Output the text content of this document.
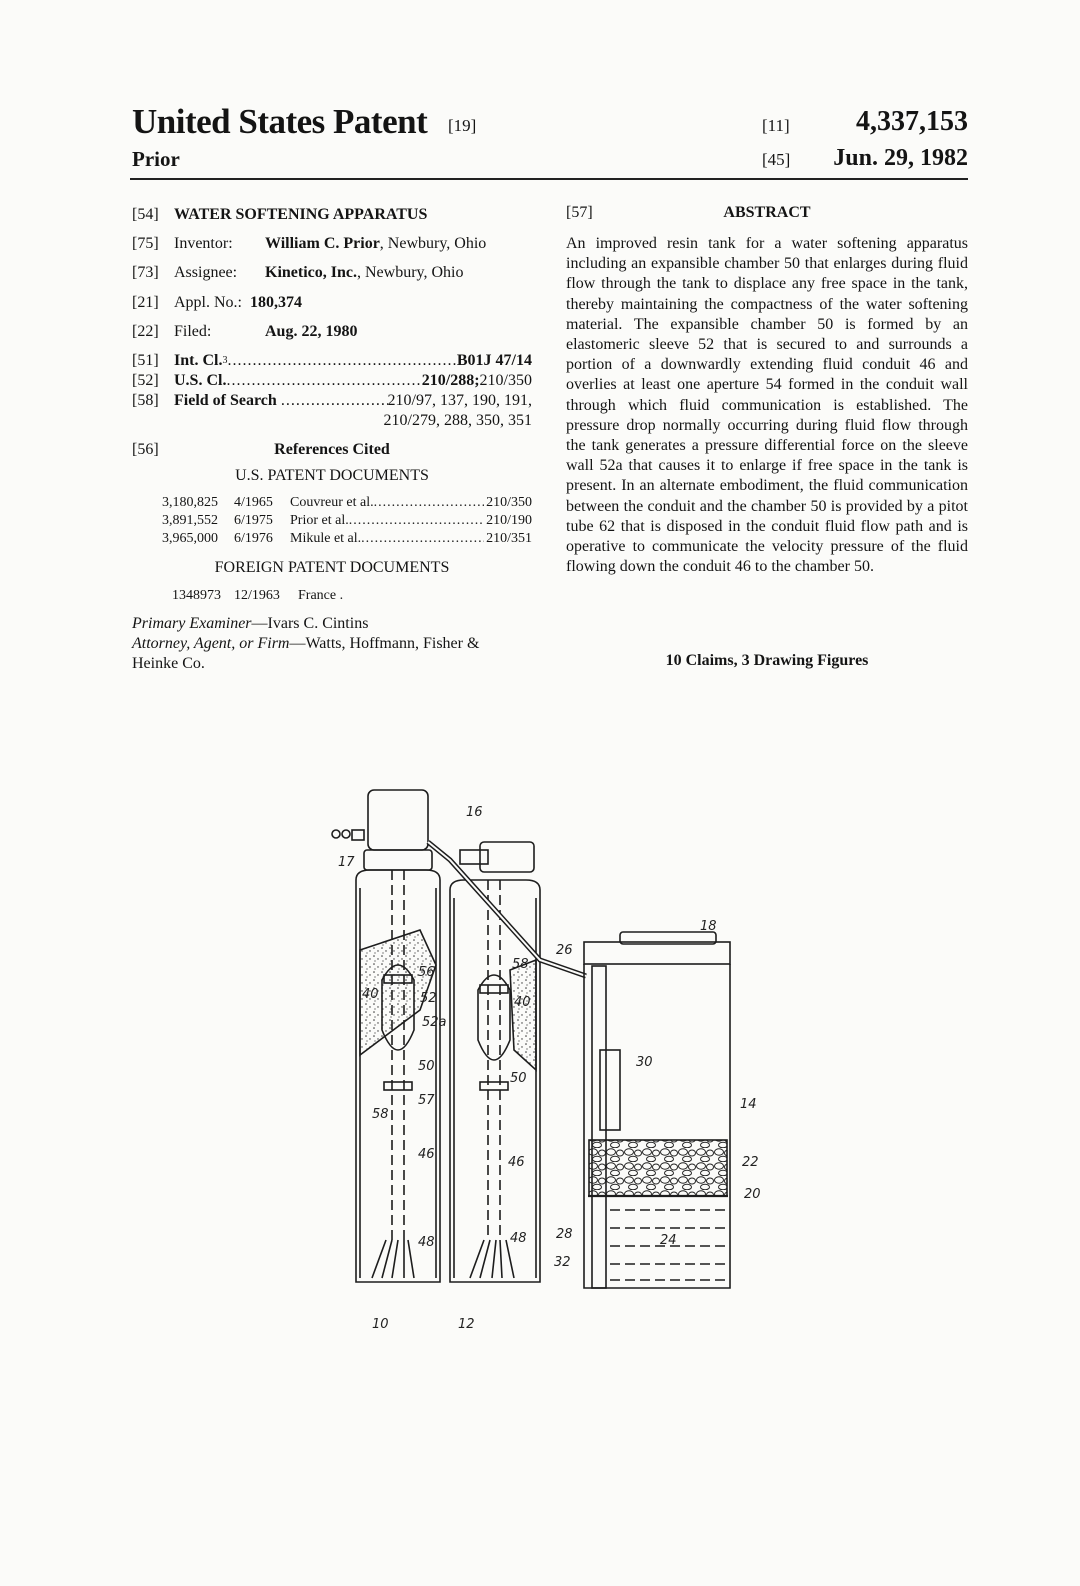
United States Patent [19]
Prior
[11] 4,337,153
[45] Jun. 29, 1982
[54] WATER SOFTENING APPARATUS
[75] Inventor: William C. Prior, Newbury, Ohio
[73] Assignee: Kinetico, Inc., Newbury, Ohio
[21] Appl. No.: 180,374
[22] Filed:	Aug. 22, 1980
[51] Int. Cl. 3 .....	B01J 47/14
[52] U.S. Cl. .....	210/288; 210/350
[58] Field of Search .....	210/97, 137, 190, 191,
210/279, 288, 350, 351
[56]	References Cited
U.S. PATENT DOCUMENTS
3,180,825	4/1965	Couvreur et al. .....	210/350
3,891,552	6/1975	Prior et al. .....	210/190
3,965,000	6/1976	Mikule et al. .....	210/351
FOREIGN PATENT DOCUMENTS
1348973 12/1963	France .
Primary Examiner—Ivars C. Cintins
Attorney, Agent, or Firm—Watts, Hoffmann, Fisher &
Heinke Co.
[57]	ABSTRACT
An improved resin tank for a water softening apparatus including an expansible chamber 50 that enlarges during fluid flow through the tank to displace any free space in the tank, thereby maintaining the compactness of the water softening material. The expansible chamber 50 is formed by an elastomeric sleeve 52 that is secured to and surrounds a portion of a downwardly extending fluid conduit 46 and overlies at least one aperture 54 formed in the conduit wall through which fluid communication is established. The pressure drop normally occurring during fluid flow through the tank generates a pressure differential force on the sleeve wall 52a that causes it to enlarge if free space in the tank is present. In an alternate embodiment, the fluid communication between the conduit and the chamber 50 is provided by a pitot tube 62 that is disposed in the conduit fluid flow path and is operative to communicate the velocity pressure of the fluid flowing down the conduit 46 to the chamber 50.
10 Claims, 3 Drawing Figures
16
17
18
26
56
40	52
52a
58
40
50
50
30
58
57	14
46
46	22
20
28	24
48	48
32
10	12
